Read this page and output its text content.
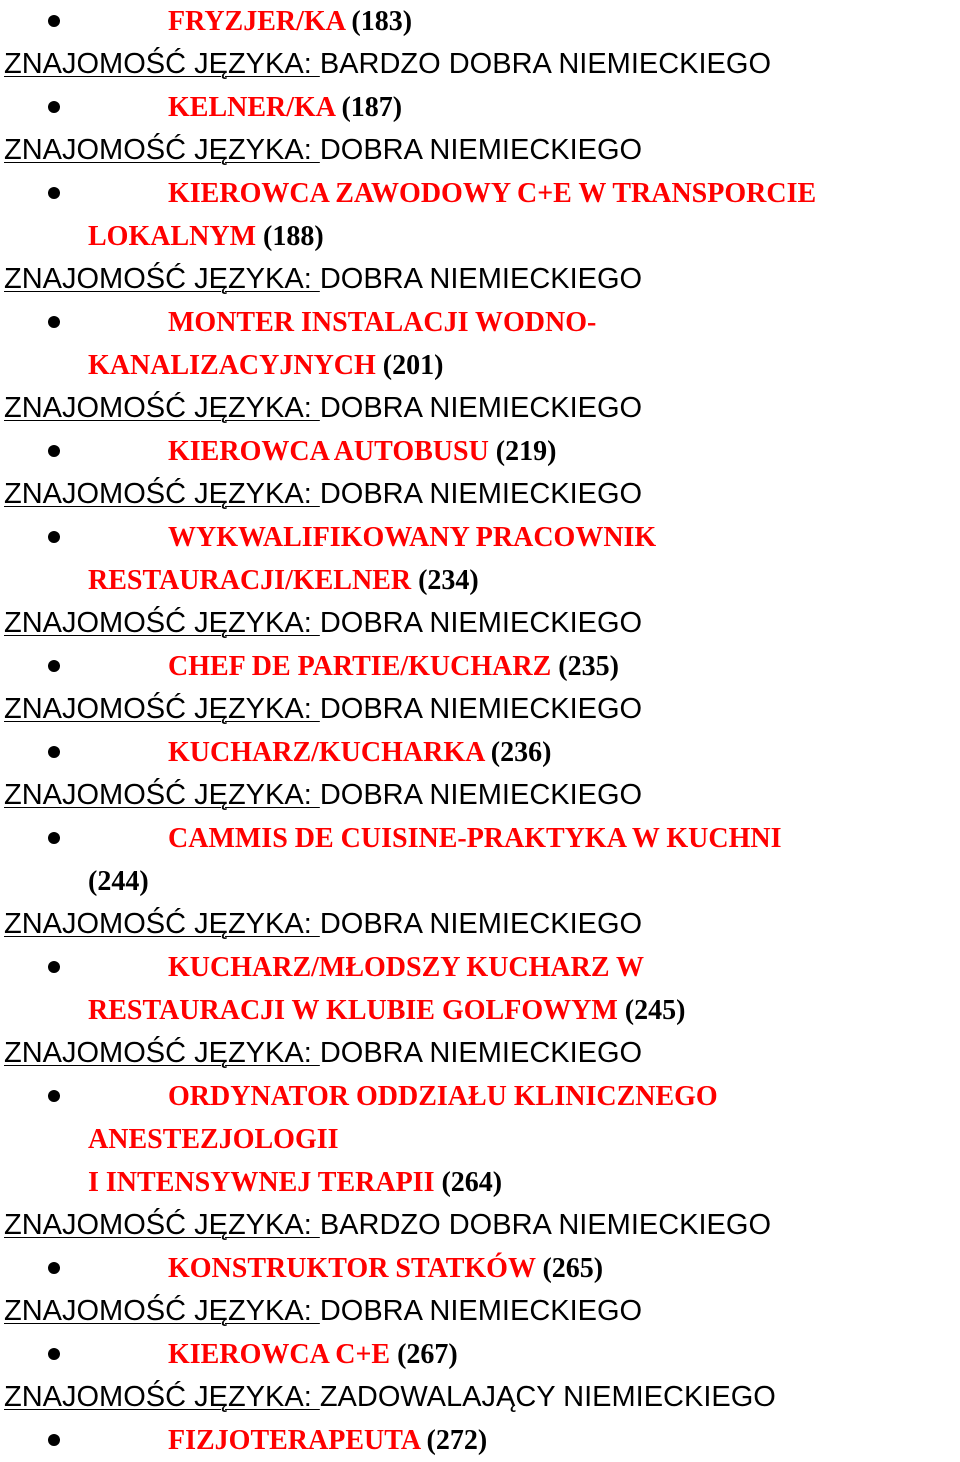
FRYZJER/KA (183)
ZNAJOMOŚĆ JĘZYKA: BARDZO DOBRA NIEMIECKIEGO
KELNER/KA (187)
ZNAJOMOŚĆ JĘZYKA: DOBRA NIEMIECKIEGO
KIEROWCA ZAWODOWY C+E W TRANSPORCIE
LOKALNYM (188)
ZNAJOMOŚĆ JĘZYKA: DOBRA NIEMIECKIEGO
MONTER INSTALACJI WODNO-
KANALIZACYJNYCH (201)
ZNAJOMOŚĆ JĘZYKA: DOBRA NIEMIECKIEGO
KIEROWCA AUTOBUSU (219)
ZNAJOMOŚĆ JĘZYKA: DOBRA NIEMIECKIEGO
WYKWALIFIKOWANY PRACOWNIK
RESTAURACJI/KELNER (234)
ZNAJOMOŚĆ JĘZYKA: DOBRA NIEMIECKIEGO
CHEF DE PARTIE/KUCHARZ (235)
ZNAJOMOŚĆ JĘZYKA: DOBRA NIEMIECKIEGO
KUCHARZ/KUCHARKA (236)
ZNAJOMOŚĆ JĘZYKA: DOBRA NIEMIECKIEGO
CAMMIS DE CUISINE-PRAKTYKA W KUCHNI
(244)
ZNAJOMOŚĆ JĘZYKA: DOBRA NIEMIECKIEGO
KUCHARZ/MŁODSZY KUCHARZ W
RESTAURACJI W KLUBIE GOLFOWYM (245)
ZNAJOMOŚĆ JĘZYKA: DOBRA NIEMIECKIEGO
ORDYNATOR ODDZIAŁU KLINICZNEGO
ANESTEZJOLOGII
I INTENSYWNEJ TERAPII (264)
ZNAJOMOŚĆ JĘZYKA: BARDZO DOBRA NIEMIECKIEGO
KONSTRUKTOR STATKÓW (265)
ZNAJOMOŚĆ JĘZYKA: DOBRA NIEMIECKIEGO
KIEROWCA C+E (267)
ZNAJOMOŚĆ JĘZYKA: ZADOWALAJĄCY NIEMIECKIEGO
FIZJOTERAPEUTA (272)
